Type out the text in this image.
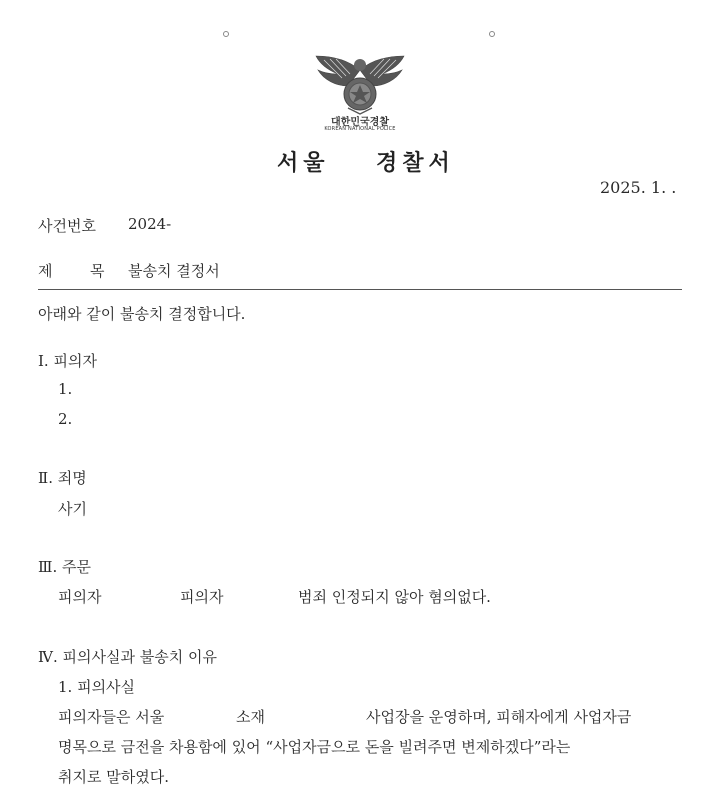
대한민국경찰
KOREAN NATIONAL POLICE
서울 경찰서
2025. 1. .
사건번호 2024-
제	목 불송치 결정서
아래와 같이 불송치 결정합니다.
Ⅰ. 피의자
1.
2.
Ⅱ. 죄명
사기
Ⅲ. 주문
피의자	피의자	범죄 인정되지 않아 혐의없다.
Ⅳ. 피의사실과 불송치 이유
1. 피의사실
피의자들은 서울	소재	사업장을 운영하며, 피해자에게 사업자금
명목으로 금전을 차용함에 있어 “사업자금으로 돈을 빌려주면 변제하겠다”라는
취지로 말하였다.
